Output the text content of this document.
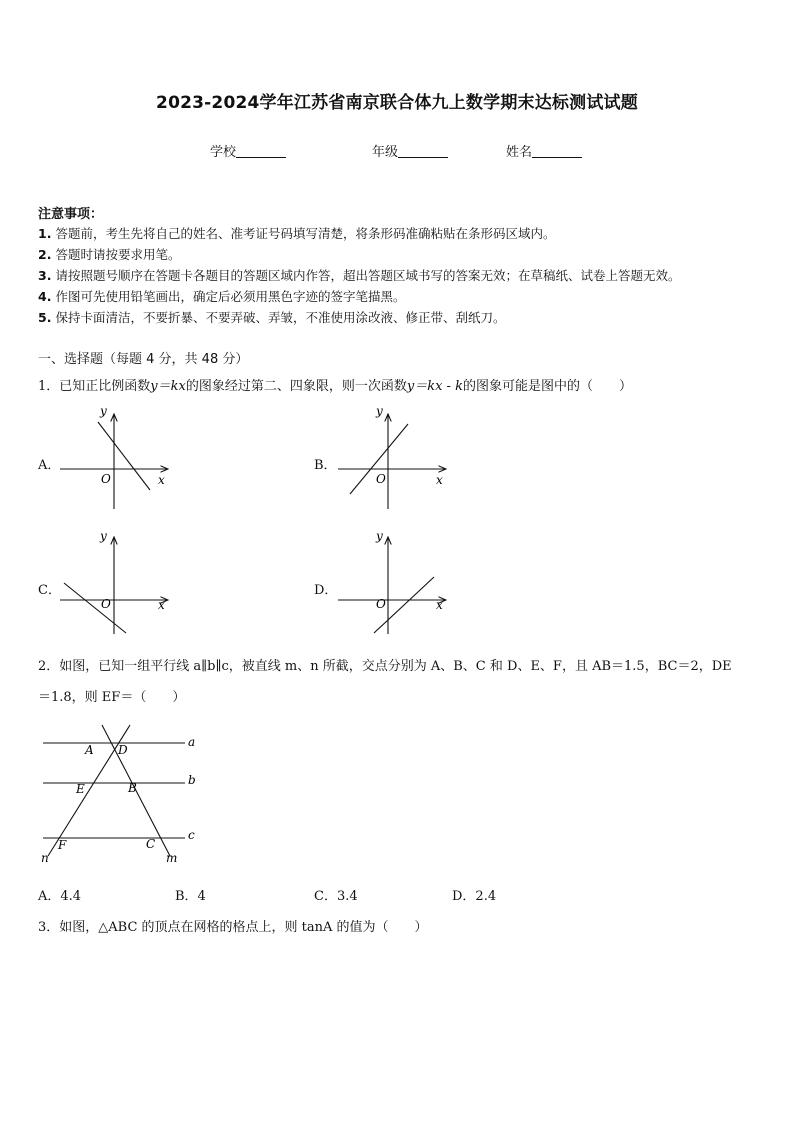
2023-2024学年江苏省南京联合体九上数学期末达标测试试题
学校	年级	姓名
注意事项：
1. 答题前，考生先将自己的姓名、准考证号码填写清楚，将条形码准确粘贴在条形码区域内。
2. 答题时请按要求用笔。
3. 请按照题号顺序在答题卡各题目的答题区域内作答，超出答题区域书写的答案无效；在草稿纸、试卷上答题无效。
4. 作图可先使用铅笔画出，确定后必须用黑色字迹的签字笔描黑。
5. 保持卡面清洁，不要折暴、不要弄破、弄皱，不准使用涂改液、修正带、刮纸刀。
一、选择题（每题 4 分，共 48 分）
1．已知正比例函数y＝kx的图象经过第二、四象限，则一次函数y＝kx - k的图象可能是图中的（　　）
A．	B．
C．	D．
y
x
O
y
x
O
y
x
O
y
x
O
2．如图，已知一组平行线 a∥b∥c，被直线 m、n 所截，交点分别为 A、B、C 和 D、E、F，且 AB＝1.5，BC＝2，DE
＝1.8，则 EF＝（　　）
a
b
c
A D
E	B
F	C
n	m
A．4.4	B．4	C．3.4	D．2.4
3．如图，△ABC 的顶点在网格的格点上，则 tanA 的值为（　　）
